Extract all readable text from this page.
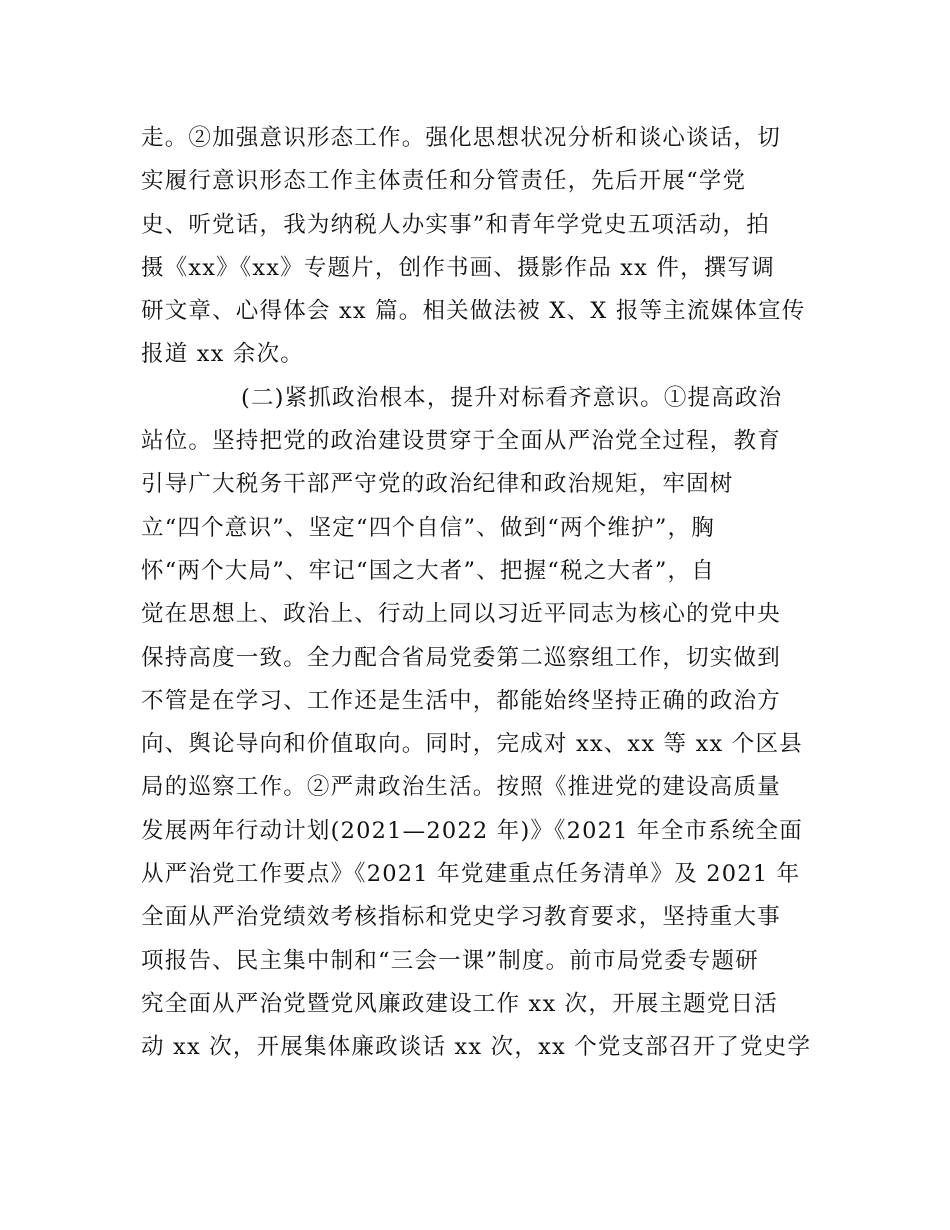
走。②加强意识形态工作。强化思想状况分析和谈心谈话，切
实履行意识形态工作主体责任和分管责任，先后开展“学党
史、听党话，我为纳税人办实事”和青年学党史五项活动，拍
摄《xx》《xx》专题片，创作书画、摄影作品 xx 件，撰写调
研文章、心得体会 xx 篇。相关做法被 X、X 报等主流媒体宣传
报道 xx 余次。
(二)紧抓政治根本，提升对标看齐意识。①提高政治
站位。坚持把党的政治建设贯穿于全面从严治党全过程，教育
引导广大税务干部严守党的政治纪律和政治规矩，牢固树
立“四个意识”、坚定“四个自信”、做到“两个维护”，胸
怀“两个大局”、牢记“国之大者”、把握“税之大者”，自
觉在思想上、政治上、行动上同以习近平同志为核心的党中央
保持高度一致。全力配合省局党委第二巡察组工作，切实做到
不管是在学习、工作还是生活中，都能始终坚持正确的政治方
向、舆论导向和价值取向。同时，完成对 xx、xx 等 xx 个区县
局的巡察工作。②严肃政治生活。按照《推进党的建设高质量
发展两年行动计划(2021—2022 年)》《2021 年全市系统全面
从严治党工作要点》《2021 年党建重点任务清单》及 2021 年
全面从严治党绩效考核指标和党史学习教育要求，坚持重大事
项报告、民主集中制和“三会一课”制度。前市局党委专题研
究全面从严治党暨党风廉政建设工作 xx 次，开展主题党日活
动 xx 次，开展集体廉政谈话 xx 次，xx 个党支部召开了党史学
